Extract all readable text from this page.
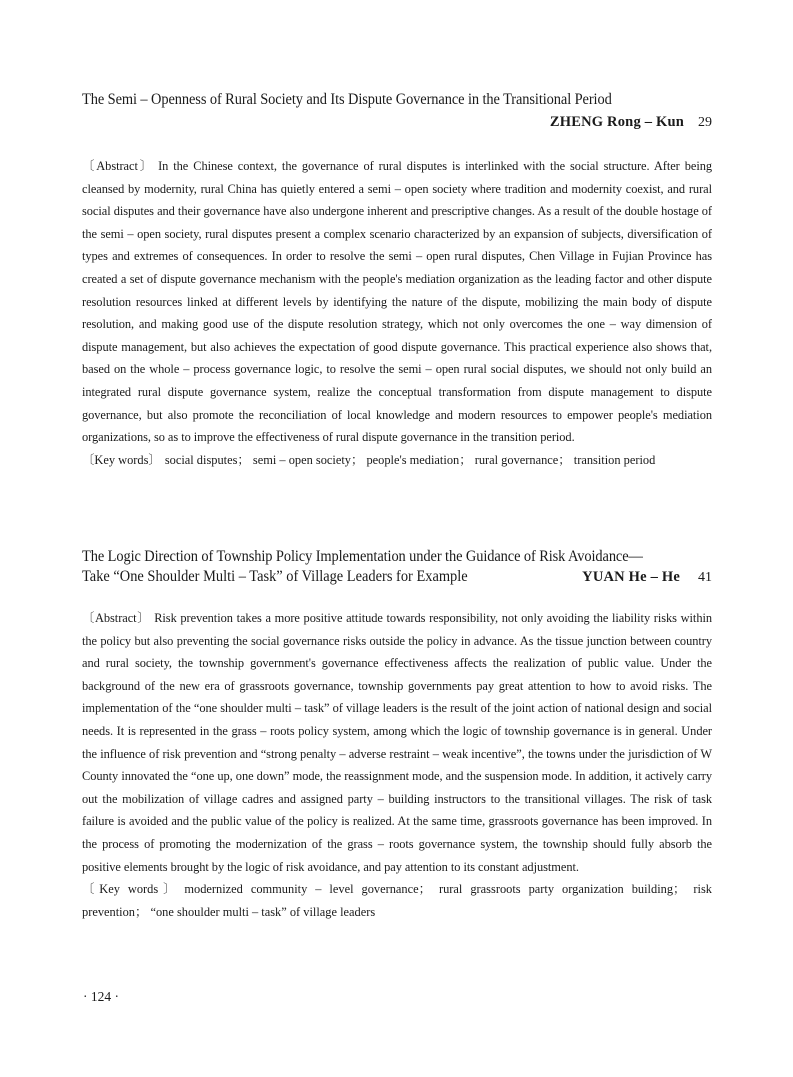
The Semi – Openness of Rural Society and Its Dispute Governance in the Transitional Period
ZHENG Rong – Kun 29
〔Abstract〕 In the Chinese context, the governance of rural disputes is interlinked with the social structure. After being cleansed by modernity, rural China has quietly entered a semi – open society where tradition and modernity coexist, and rural social disputes and their governance have also undergone inherent and prescriptive changes. As a result of the double hostage of the semi – open society, rural disputes present a complex scenario characterized by an expansion of subjects, diversification of types and extremes of consequences. In order to resolve the semi – open rural disputes, Chen Village in Fujian Province has created a set of dispute governance mechanism with the people's mediation organization as the leading factor and other dispute resolution resources linked at different levels by identifying the nature of the dispute, mobilizing the main body of dispute resolution, and making good use of the dispute resolution strategy, which not only overcomes the one – way dimension of dispute management, but also achieves the expectation of good dispute governance. This practical experience also shows that, based on the whole – process governance logic, to resolve the semi – open rural social disputes, we should not only build an integrated rural dispute governance system, realize the conceptual transformation from dispute management to dispute governance, but also promote the reconciliation of local knowledge and modern resources to empower people's mediation organizations, so as to improve the effectiveness of rural dispute governance in the transition period.
〔Key words〕 social disputes； semi – open society； people's mediation； rural governance； transition period
The Logic Direction of Township Policy Implementation under the Guidance of Risk Avoidance—
Take “One Shoulder Multi – Task” of Village Leaders for Example	YUAN He – He 41
〔Abstract〕 Risk prevention takes a more positive attitude towards responsibility, not only avoiding the liability risks within the policy but also preventing the social governance risks outside the policy in advance. As the tissue junction between country and rural society, the township government's governance effectiveness affects the realization of public value. Under the background of the new era of grassroots governance, township governments pay great attention to how to avoid risks. The implementation of the “one shoulder multi – task” of village leaders is the result of the joint action of national design and social needs. It is represented in the grass – roots policy system, among which the logic of township governance is in general. Under the influence of risk prevention and “strong penalty – adverse restraint – weak incentive”, the towns under the jurisdiction of W County innovated the “one up, one down” mode, the reassignment mode, and the suspension mode. In addition, it actively carry out the mobilization of village cadres and assigned party – building instructors to the transitional villages. The risk of task failure is avoided and the public value of the policy is realized. At the same time, grassroots governance has been improved. In the process of promoting the modernization of the grass – roots governance system, the township should fully absorb the positive elements brought by the logic of risk avoidance, and pay attention to its constant adjustment.
〔Key words〕 modernized community – level governance； rural grassroots party organization building； risk prevention； “one shoulder multi – task” of village leaders
· 124 ·
